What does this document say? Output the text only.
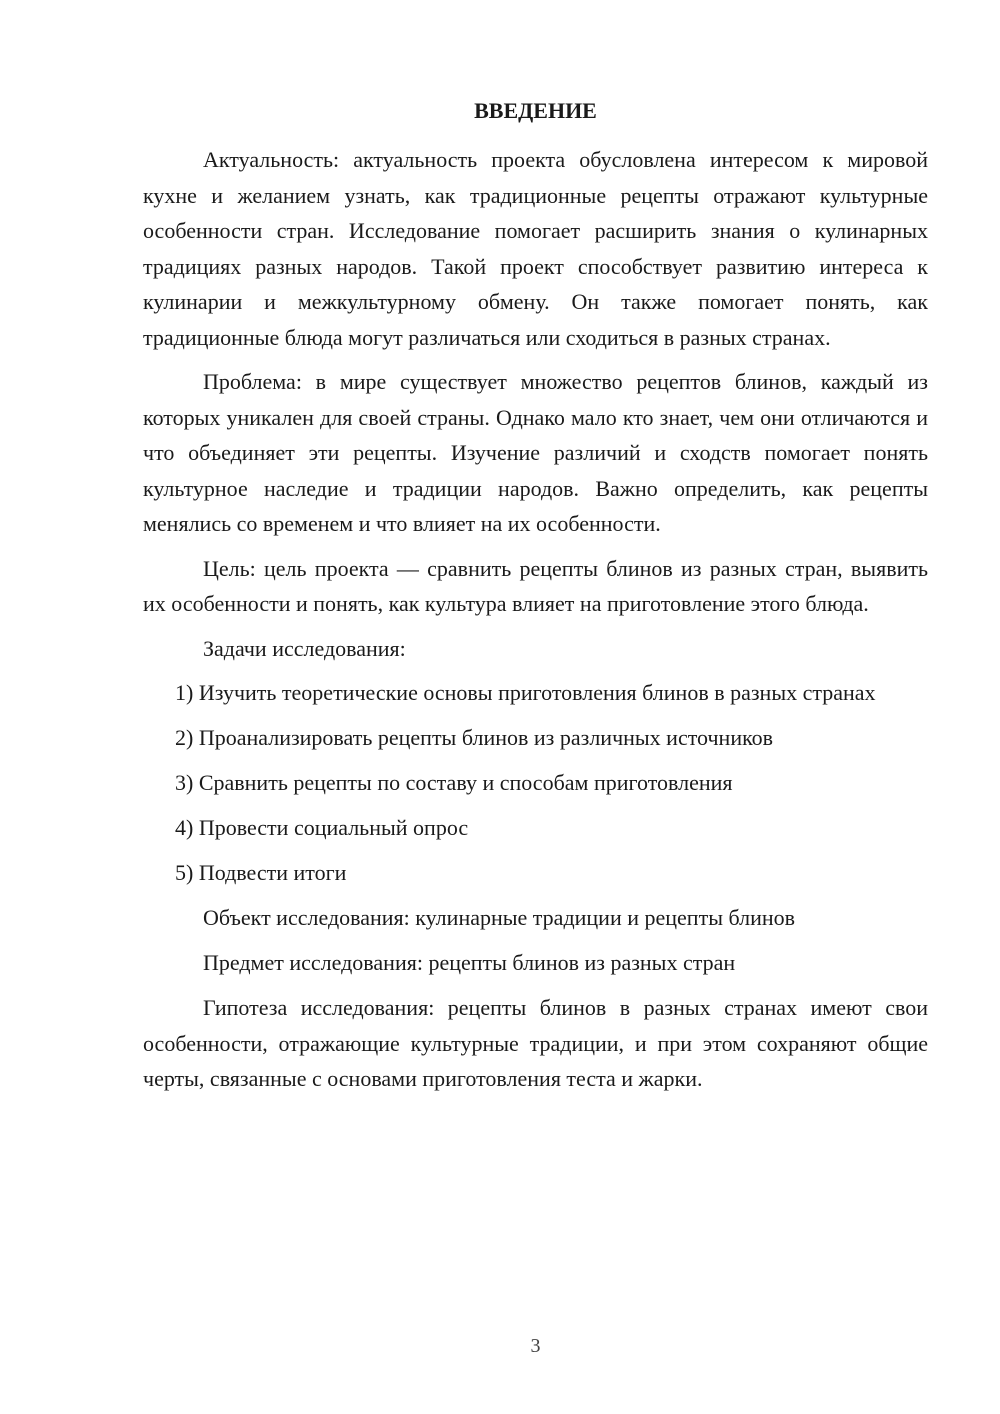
ВВЕДЕНИЕ

Актуальность: актуальность проекта обусловлена интересом к мировой кухне и желанием узнать, как традиционные рецепты отражают культурные особенности стран. Исследование помогает расширить знания о кулинарных традициях разных народов. Такой проект способствует развитию интереса к кулинарии и межкультурному обмену. Он также помогает понять, как традиционные блюда могут различаться или сходиться в разных странах.

Проблема: в мире существует множество рецептов блинов, каждый из которых уникален для своей страны. Однако мало кто знает, чем они отличаются и что объединяет эти рецепты. Изучение различий и сходств помогает понять культурное наследие и традиции народов. Важно определить, как рецепты менялись со временем и что влияет на их особенности.

Цель: цель проекта — сравнить рецепты блинов из разных стран, выявить их особенности и понять, как культура влияет на приготовление этого блюда.

Задачи исследования:

1) Изучить теоретические основы приготовления блинов в разных странах

2) Проанализировать рецепты блинов из различных источников

3) Сравнить рецепты по составу и способам приготовления

4) Провести социальный опрос

5) Подвести итоги

Объект исследования: кулинарные традиции и рецепты блинов

Предмет исследования: рецепты блинов из разных стран

Гипотеза исследования: рецепты блинов в разных странах имеют свои особенности, отражающие культурные традиции, и при этом сохраняют общие черты, связанные с основами приготовления теста и жарки.

3
